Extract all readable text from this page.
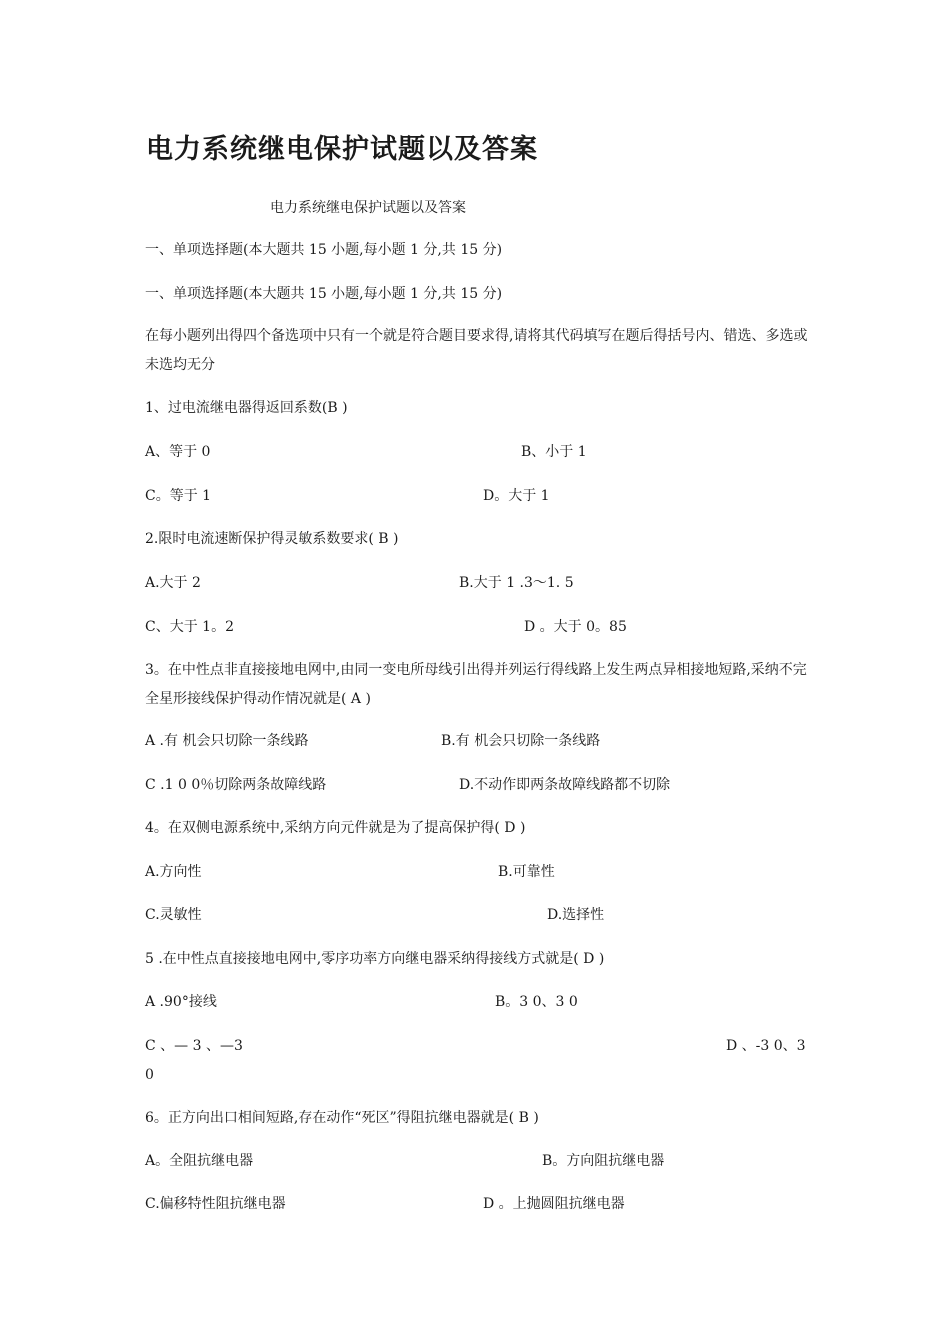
电力系统继电保护试题以及答案
电力系统继电保护试题以及答案
一、单项选择题(本大题共 15 小题,每小题 1 分,共 15 分)
一、单项选择题(本大题共 15 小题,每小题 1 分,共 15 分)
在每小题列出得四个备选项中只有一个就是符合题目要求得,请将其代码填写在题后得括号内、错选、多选或未选均无分
1、过电流继电器得返回系数(B )
A、等于 0	B、小于 1
C。等于 1	D。大于 1
2.限时电流速断保护得灵敏系数要求( B )
A.大于 2	B.大于 1 .3～1. 5
C、大于 1。2	D 。大于 0。85
3。在中性点非直接接地电网中,由同一变电所母线引出得并列运行得线路上发生两点异相接地短路,采纳不完全星形接线保护得动作情况就是( A )
A .有 机会只切除一条线路	B.有 机会只切除一条线路
C .1 0 0％切除两条故障线路	D.不动作即两条故障线路都不切除
4。在双侧电源系统中,采纳方向元件就是为了提高保护得( D )
A.方向性	B.可靠性
C.灵敏性	D.选择性
5 .在中性点直接接地电网中,零序功率方向继电器采纳得接线方式就是( D )
A .90°接线	B。3 0、3 0
C 、— 3 、—3	D 、-3 0、3
0
6。正方向出口相间短路,存在动作“死区”得阻抗继电器就是( B )
A。全阻抗继电器	B。方向阻抗继电器
C.偏移特性阻抗继电器	D 。上抛圆阻抗继电器
